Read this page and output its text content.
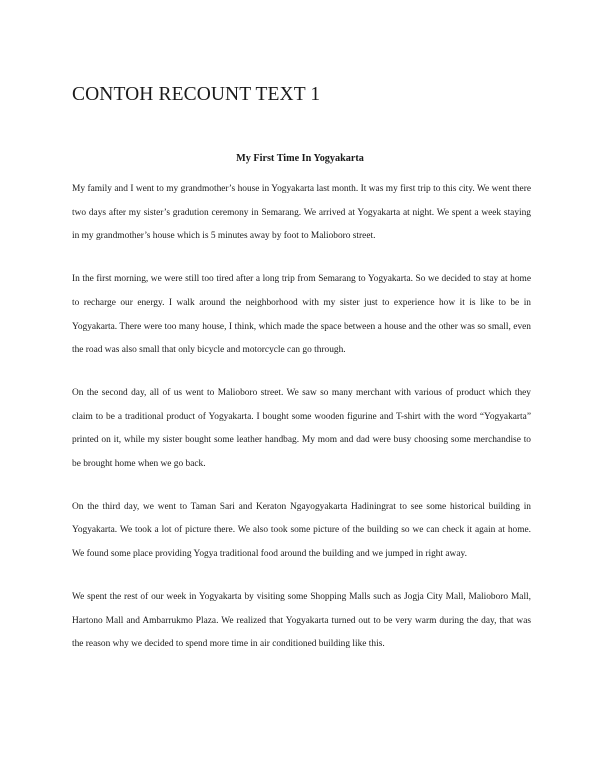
CONTOH RECOUNT TEXT 1
My First Time In Yogyakarta

My family and I went to my grandmother’s house in Yogyakarta last month. It was my first trip to this city. We went there two days after my sister’s gradution ceremony in Semarang. We arrived at Yogyakarta at night. We spent a week staying in my grandmother’s house which is 5 minutes away by foot to Malioboro street.

In the first morning, we were still too tired after a long trip from Semarang to Yogyakarta. So we decided to stay at home to recharge our energy. I walk around the neighborhood with my sister just to experience how it is like to be in Yogyakarta. There were too many house, I think, which made the space between a house and the other was so small, even the road was also small that only bicycle and motorcycle can go through.

On the second day, all of us went to Malioboro street. We saw so many merchant with various of product which they claim to be a traditional product of Yogyakarta. I bought some wooden figurine and T-shirt with the word “Yogyakarta” printed on it, while my sister bought some leather handbag. My mom and dad were busy choosing some merchandise to be brought home when we go back.

On the third day, we went to Taman Sari and Keraton Ngayogyakarta Hadiningrat to see some historical building in Yogyakarta. We took a lot of picture there. We also took some picture of the building so we can check it again at home. We found some place providing Yogya traditional food around the building and we jumped in right away.

We spent the rest of our week in Yogyakarta by visiting some Shopping Malls such as Jogja City Mall, Malioboro Mall, Hartono Mall and Ambarrukmo Plaza. We realized that Yogyakarta turned out to be very warm during the day, that was the reason why we decided to spend more time in air conditioned building like this.
